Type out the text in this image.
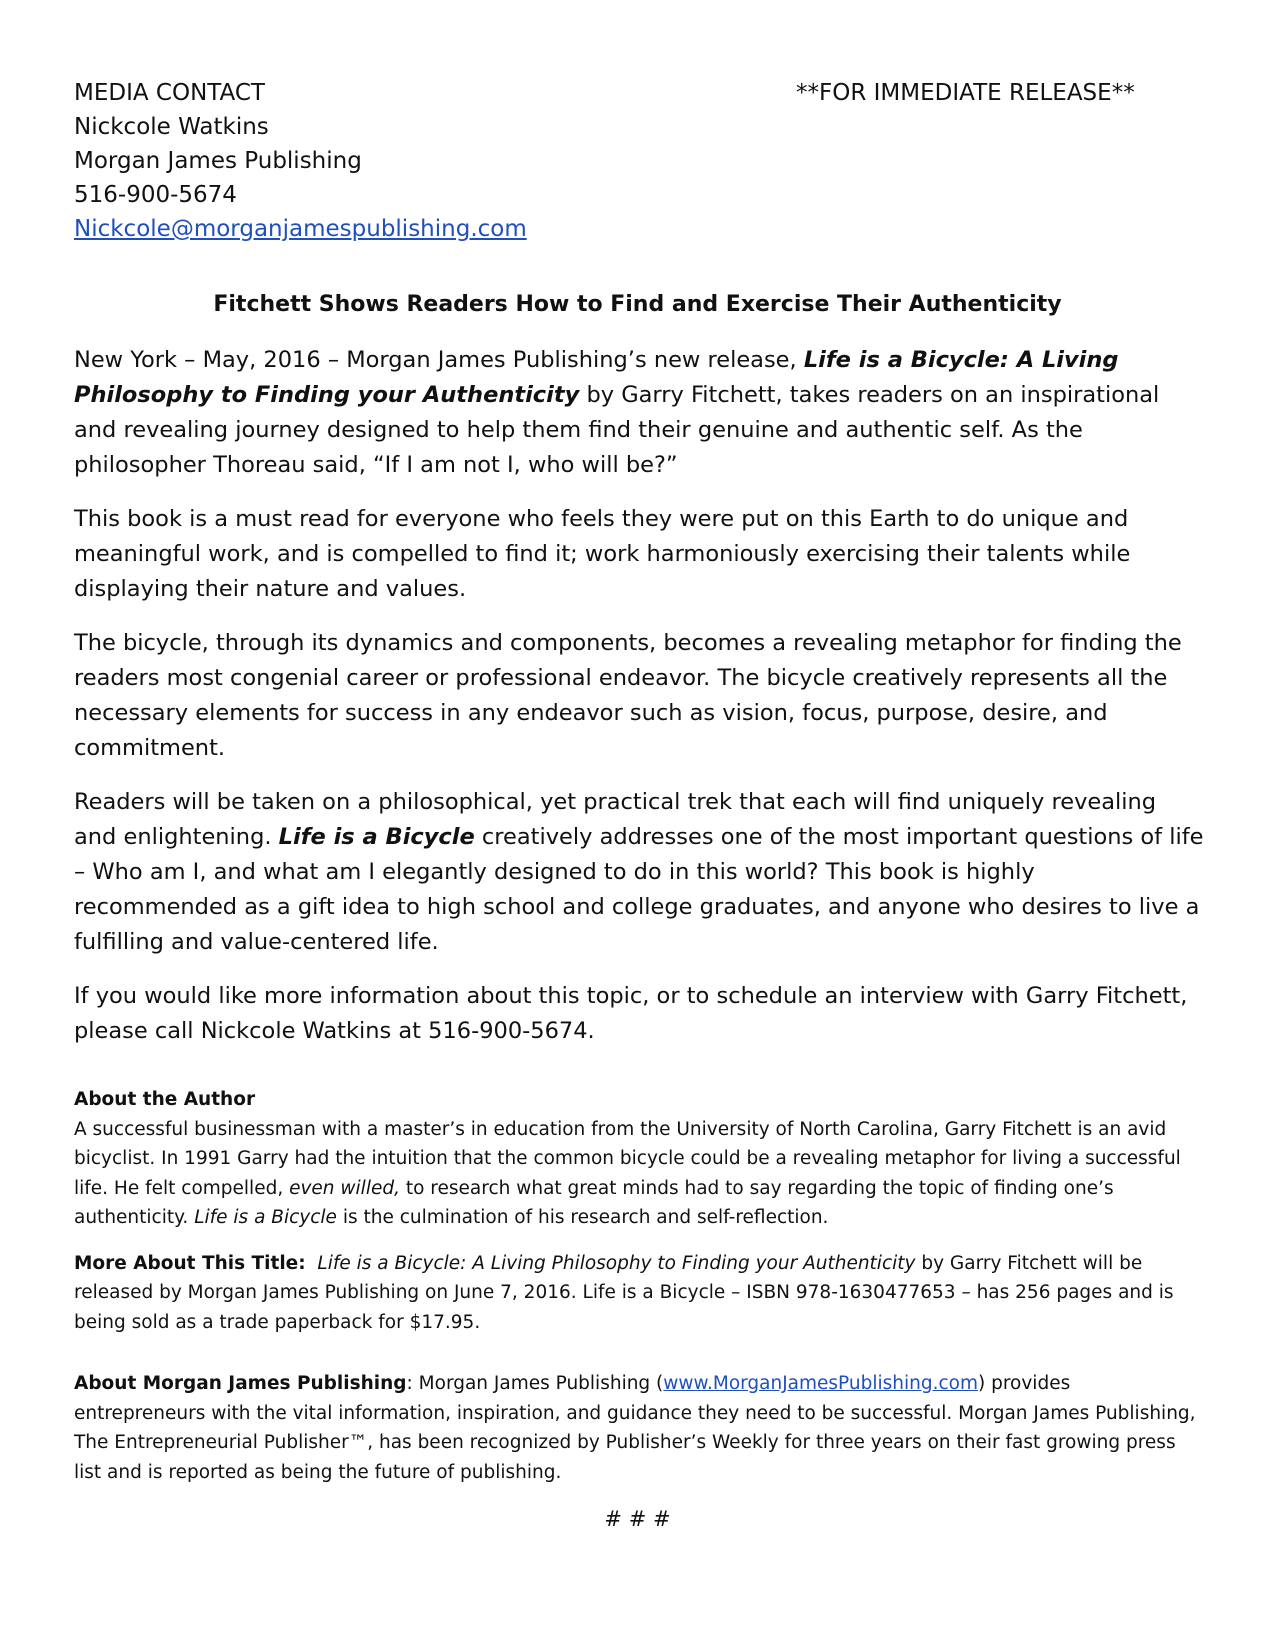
MEDIA CONTACT
Nickcole Watkins
Morgan James Publishing
516-900-5674
Nickcole@morganjamespublishing.com
**FOR IMMEDIATE RELEASE**
Fitchett Shows Readers How to Find and Exercise Their Authenticity

New York – May, 2016 – Morgan James Publishing’s new release, Life is a Bicycle: A Living Philosophy to Finding your Authenticity by Garry Fitchett, takes readers on an inspirational and revealing journey designed to help them find their genuine and authentic self. As the philosopher Thoreau said, “If I am not I, who will be?”

This book is a must read for everyone who feels they were put on this Earth to do unique and meaningful work, and is compelled to find it; work harmoniously exercising their talents while displaying their nature and values.

The bicycle, through its dynamics and components, becomes a revealing metaphor for finding the readers most congenial career or professional endeavor. The bicycle creatively represents all the necessary elements for success in any endeavor such as vision, focus, purpose, desire, and commitment.

Readers will be taken on a philosophical, yet practical trek that each will find uniquely revealing and enlightening. Life is a Bicycle creatively addresses one of the most important questions of life – Who am I, and what am I elegantly designed to do in this world? This book is highly recommended as a gift idea to high school and college graduates, and anyone who desires to live a fulfilling and value-centered life.

If you would like more information about this topic, or to schedule an interview with Garry Fitchett, please call Nickcole Watkins at 516-900-5674.

About the Author

A successful businessman with a master’s in education from the University of North Carolina, Garry Fitchett is an avid bicyclist. In 1991 Garry had the intuition that the common bicycle could be a revealing metaphor for living a successful life. He felt compelled, even willed, to research what great minds had to say regarding the topic of finding one’s authenticity. Life is a Bicycle is the culmination of his research and self-reflection.

More About This Title: Life is a Bicycle: A Living Philosophy to Finding your Authenticity by Garry Fitchett will be released by Morgan James Publishing on June 7, 2016. Life is a Bicycle – ISBN 978-1630477653 – has 256 pages and is being sold as a trade paperback for $17.95.

About Morgan James Publishing: Morgan James Publishing (www.MorganJamesPublishing.com) provides entrepreneurs with the vital information, inspiration, and guidance they need to be successful. Morgan James Publishing, The Entrepreneurial Publisher™, has been recognized by Publisher’s Weekly for three years on their fast growing press list and is reported as being the future of publishing.

# # #
